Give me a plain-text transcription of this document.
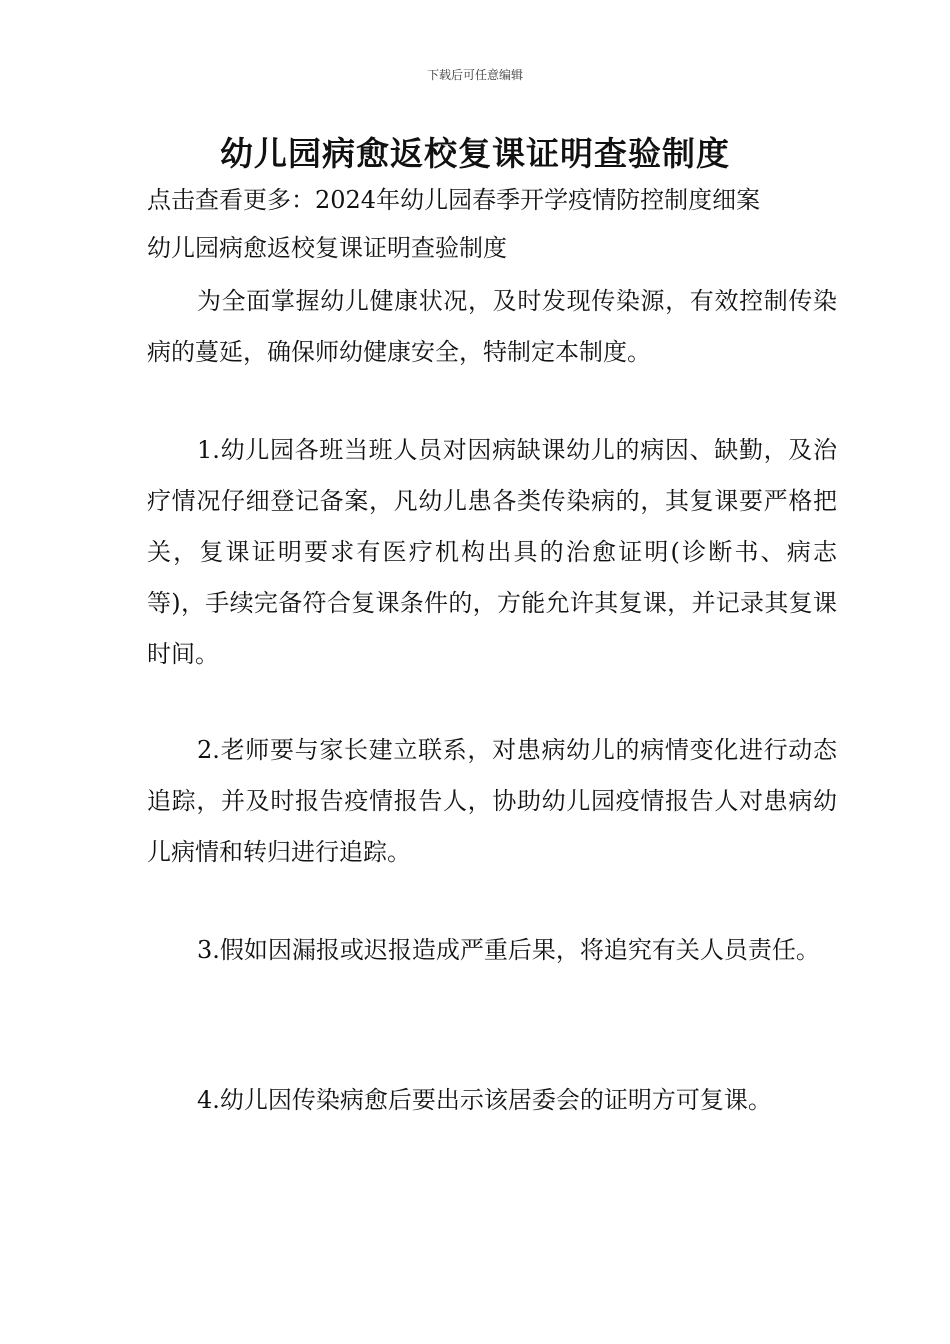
下载后可任意编辑
幼儿园病愈返校复课证明查验制度
点击查看更多：2024年幼儿园春季开学疫情防控制度细案
幼儿园病愈返校复课证明查验制度

为全面掌握幼儿健康状况，及时发现传染源，有效控制传染病的蔓延，确保师幼健康安全，特制定本制度。

1.幼儿园各班当班人员对因病缺课幼儿的病因、缺勤，及治疗情况仔细登记备案，凡幼儿患各类传染病的，其复课要严格把关，复课证明要求有医疗机构出具的治愈证明(诊断书、病志等)，手续完备符合复课条件的，方能允许其复课，并记录其复课时间。

2.老师要与家长建立联系，对患病幼儿的病情变化进行动态追踪，并及时报告疫情报告人，协助幼儿园疫情报告人对患病幼儿病情和转归进行追踪。

3.假如因漏报或迟报造成严重后果，将追究有关人员责任。

4.幼儿因传染病愈后要出示该居委会的证明方可复课。
